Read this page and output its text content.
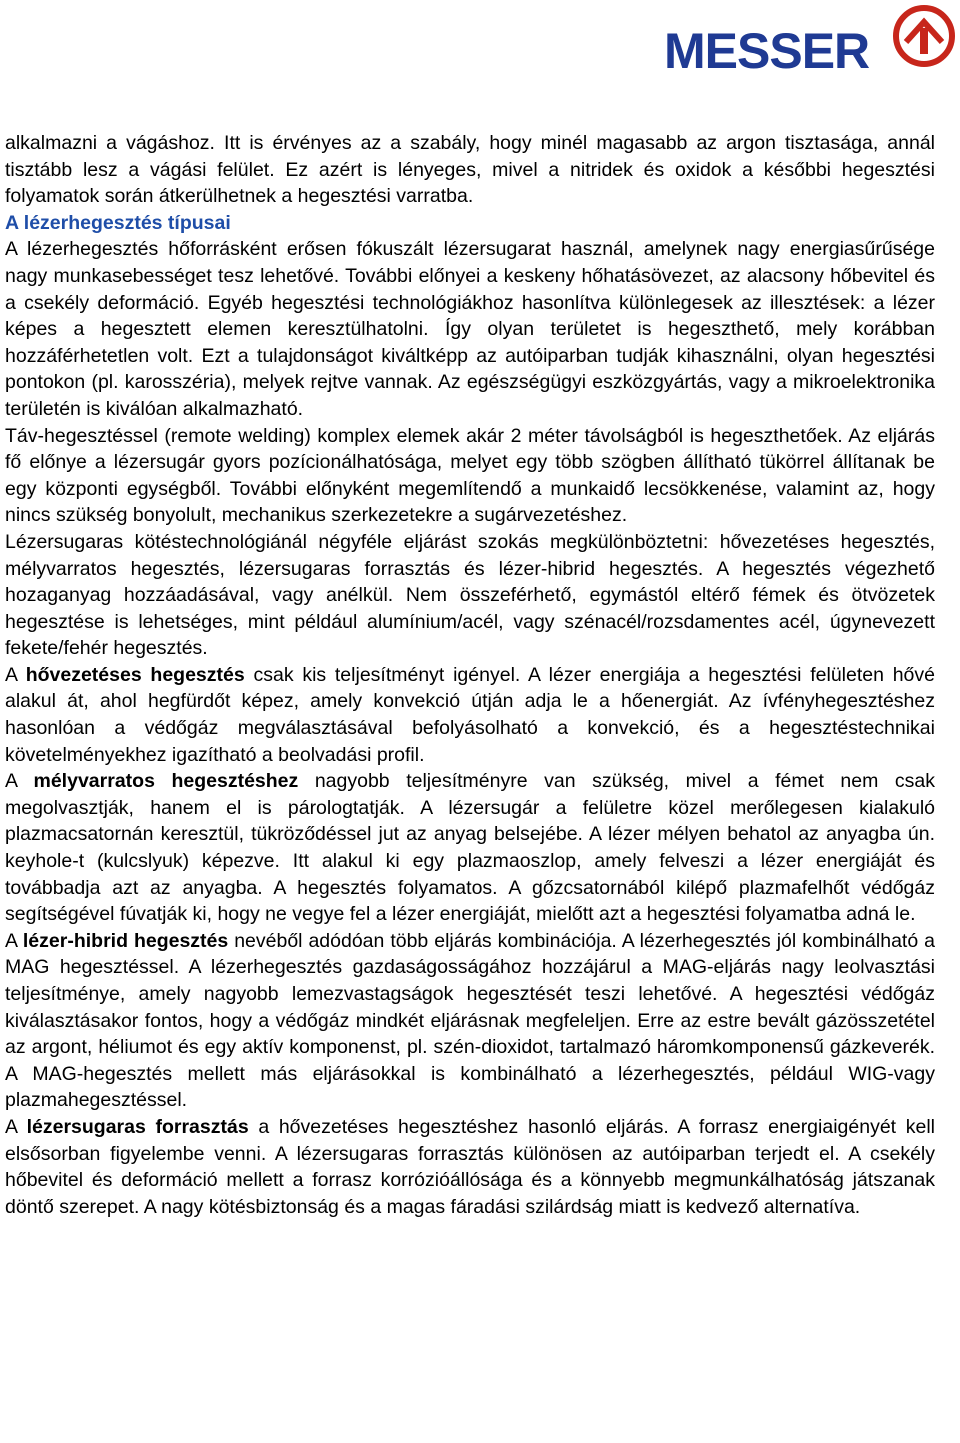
MESSER

alkalmazni a vágáshoz. Itt is érvényes az a szabály, hogy minél magasabb az argon tisztasága, annál tisztább lesz a vágási felület. Ez azért is lényeges, mivel a nitridek és oxidok a későbbi hegesztési folyamatok során átkerülhetnek a hegesztési varratba.

A lézerhegesztés típusai

A lézerhegesztés hőforrásként erősen fókuszált lézersugarat használ, amelynek nagy energiasűrűsége nagy munkasebességet tesz lehetővé. További előnyei a keskeny hőhatásövezet, az alacsony hőbevitel és a csekély deformáció. Egyéb hegesztési technológiákhoz hasonlítva különlegesek az illesztések: a lézer képes a hegesztett elemen keresztülhatolni. Így olyan területet is hegeszthető, mely korábban hozzáférhetetlen volt. Ezt a tulajdonságot kiváltképp az autóiparban tudják kihasználni, olyan hegesztési pontokon (pl. karosszéria), melyek rejtve vannak. Az egészségügyi eszközgyártás, vagy a mikroelektronika területén is kiválóan alkalmazható.

Táv-hegesztéssel (remote welding) komplex elemek akár 2 méter távolságból is hegeszthetőek. Az eljárás fő előnye a lézersugár gyors pozícionálhatósága, melyet egy több szögben állítható tükörrel állítanak be egy központi egységből. További előnyként megemlítendő a munkaidő lecsökkenése, valamint az, hogy nincs szükség bonyolult, mechanikus szerkezetekre a sugárvezetéshez.

Lézersugaras kötéstechnológiánál négyféle eljárást szokás megkülönböztetni: hővezetéses hegesztés, mélyvarratos hegesztés, lézersugaras forrasztás és lézer-hibrid hegesztés. A hegesztés végezhető hozaganyag hozzáadásával, vagy anélkül. Nem összeférhető, egymástól eltérő fémek és ötvözetek hegesztése is lehetséges, mint például alumínium/acél, vagy szénacél/rozsdamentes acél, úgynevezett fekete/fehér hegesztés.

A hővezetéses hegesztés csak kis teljesítményt igényel. A lézer energiája a hegesztési felületen hővé alakul át, ahol hegfürdőt képez, amely konvekció útján adja le a hőenergiát. Az ívfényhegesztéshez hasonlóan a védőgáz megválasztásával befolyásolható a konvekció, és a hegesztéstechnikai követelményekhez igazítható a beolvadási profil.

A mélyvarratos hegesztéshez nagyobb teljesítményre van szükség, mivel a fémet nem csak megolvasztják, hanem el is párologtatják. A lézersugár a felületre közel merőlegesen kialakuló plazmacsatornán keresztül, tükröződéssel jut az anyag belsejébe. A lézer mélyen behatol az anyagba ún. keyhole-t (kulcslyuk) képezve. Itt alakul ki egy plazmaoszlop, amely felveszi a lézer energiáját és továbbadja azt az anyagba. A hegesztés folyamatos. A gőzcsatornából kilépő plazmafelhőt védőgáz segítségével fúvatják ki, hogy ne vegye fel a lézer energiáját, mielőtt azt a hegesztési folyamatba adná le.

A lézer-hibrid hegesztés nevéből adódóan több eljárás kombinációja. A lézerhegesztés jól kombinálható a MAG hegesztéssel. A lézerhegesztés gazdaságosságához hozzájárul a MAG-eljárás nagy leolvasztási teljesítménye, amely nagyobb lemezvastagságok hegesztését teszi lehetővé. A hegesztési védőgáz kiválasztásakor fontos, hogy a védőgáz mindkét eljárásnak megfeleljen. Erre az estre bevált gázösszetétel az argont, héliumot és egy aktív komponenst, pl. szén-dioxidot, tartalmazó háromkomponensű gázkeverék. A MAG-hegesztés mellett más eljárásokkal is kombinálható a lézerhegesztés, például WIG-vagy plazmahegesztéssel.

A lézersugaras forrasztás a hővezetéses hegesztéshez hasonló eljárás. A forrasz energiaigényét kell elsősorban figyelembe venni. A lézersugaras forrasztás különösen az autóiparban terjedt el. A csekély hőbevitel és deformáció mellett a forrasz korrózióállósága és a könnyebb megmunkálhatóság játszanak döntő szerepet. A nagy kötésbiztonság és a magas fáradási szilárdság miatt is kedvező alternatíva.
